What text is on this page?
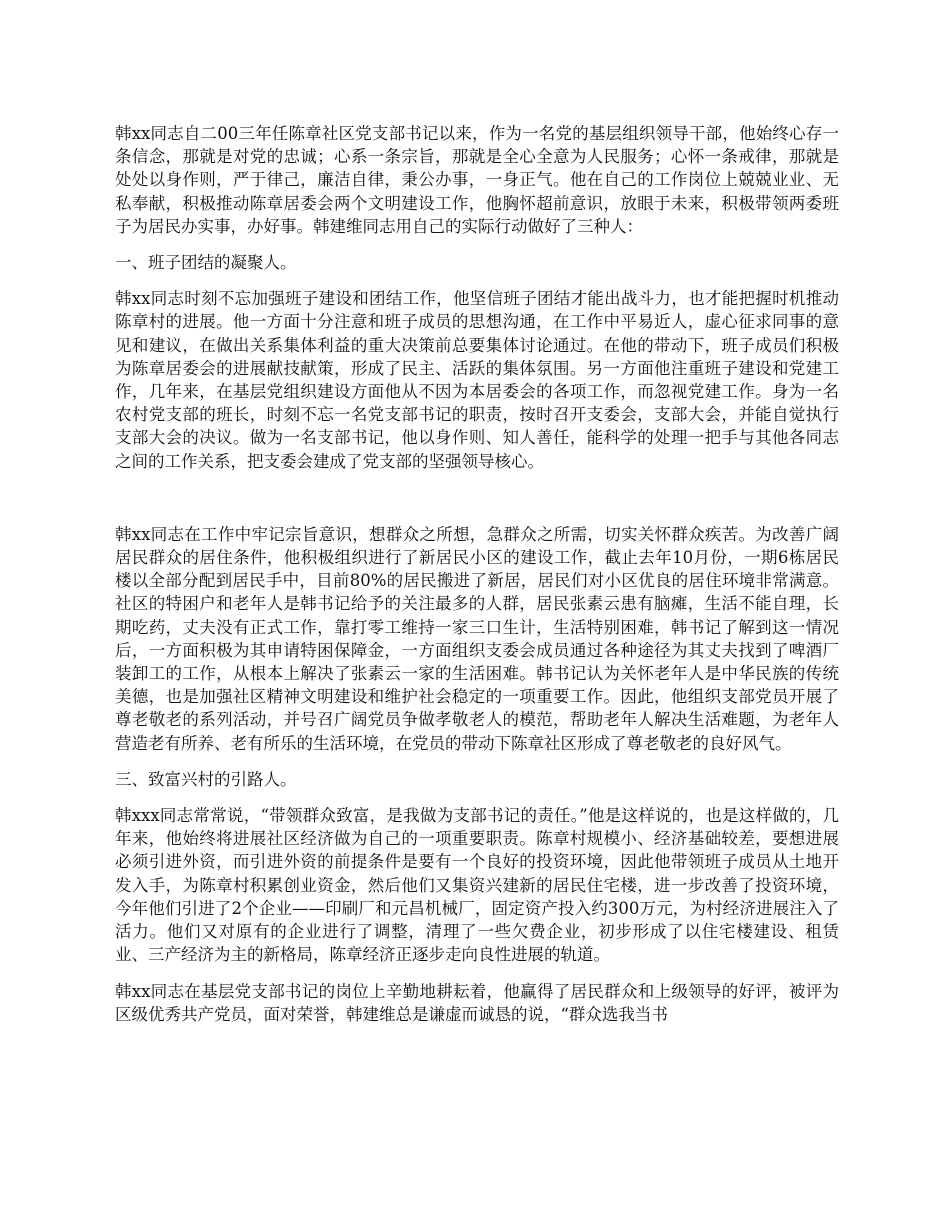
韩xx同志自二00三年任陈章社区党支部书记以来，作为一名党的基层组织领导干部，他始终心存一条信念，那就是对党的忠诚；心系一条宗旨，那就是全心全意为人民服务；心怀一条戒律，那就是处处以身作则，严于律己，廉洁自律，秉公办事，一身正气。他在自己的工作岗位上兢兢业业、无私奉献，积极推动陈章居委会两个文明建设工作，他胸怀超前意识，放眼于未来，积极带领两委班子为居民办实事，办好事。韩建维同志用自己的实际行动做好了三种人：

一、班子团结的凝聚人。

韩xx同志时刻不忘加强班子建设和团结工作，他坚信班子团结才能出战斗力，也才能把握时机推动陈章村的进展。他一方面十分注意和班子成员的思想沟通，在工作中平易近人，虚心征求同事的意见和建议，在做出关系集体利益的重大决策前总要集体讨论通过。在他的带动下，班子成员们积极为陈章居委会的进展献技献策，形成了民主、活跃的集体氛围。另一方面他注重班子建设和党建工作，几年来，在基层党组织建设方面他从不因为本居委会的各项工作，而忽视党建工作。身为一名农村党支部的班长，时刻不忘一名党支部书记的职责，按时召开支委会，支部大会，并能自觉执行支部大会的决议。做为一名支部书记，他以身作则、知人善任，能科学的处理一把手与其他各同志之间的工作关系，把支委会建成了党支部的坚强领导核心。

韩xx同志在工作中牢记宗旨意识，想群众之所想，急群众之所需，切实关怀群众疾苦。为改善广阔居民群众的居住条件，他积极组织进行了新居民小区的建设工作，截止去年10月份，一期6栋居民楼以全部分配到居民手中，目前80%的居民搬进了新居，居民们对小区优良的居住环境非常满意。社区的特困户和老年人是韩书记给予的关注最多的人群，居民张素云患有脑瘫，生活不能自理，长期吃药，丈夫没有正式工作，靠打零工维持一家三口生计，生活特别困难，韩书记了解到这一情况后，一方面积极为其申请特困保障金，一方面组织支委会成员通过各种途径为其丈夫找到了啤酒厂装卸工的工作，从根本上解决了张素云一家的生活困难。韩书记认为关怀老年人是中华民族的传统美德，也是加强社区精神文明建设和维护社会稳定的一项重要工作。因此，他组织支部党员开展了尊老敬老的系列活动，并号召广阔党员争做孝敬老人的模范，帮助老年人解决生活难题，为老年人营造老有所养、老有所乐的生活环境，在党员的带动下陈章社区形成了尊老敬老的良好风气。

三、致富兴村的引路人。

韩xxx同志常常说，“带领群众致富，是我做为支部书记的责任。”他是这样说的，也是这样做的，几年来，他始终将进展社区经济做为自己的一项重要职责。陈章村规模小、经济基础较差，要想进展必须引进外资，而引进外资的前提条件是要有一个良好的投资环境，因此他带领班子成员从土地开发入手，为陈章村积累创业资金，然后他们又集资兴建新的居民住宅楼，进一步改善了投资环境，今年他们引进了2个企业——印刷厂和元昌机械厂，固定资产投入约300万元，为村经济进展注入了活力。他们又对原有的企业进行了调整，清理了一些欠费企业，初步形成了以住宅楼建设、租赁业、三产经济为主的新格局，陈章经济正逐步走向良性进展的轨道。

韩xx同志在基层党支部书记的岗位上辛勤地耕耘着，他赢得了居民群众和上级领导的好评，被评为区级优秀共产党员，面对荣誉，韩建维总是谦虚而诚恳的说，“群众选我当书
